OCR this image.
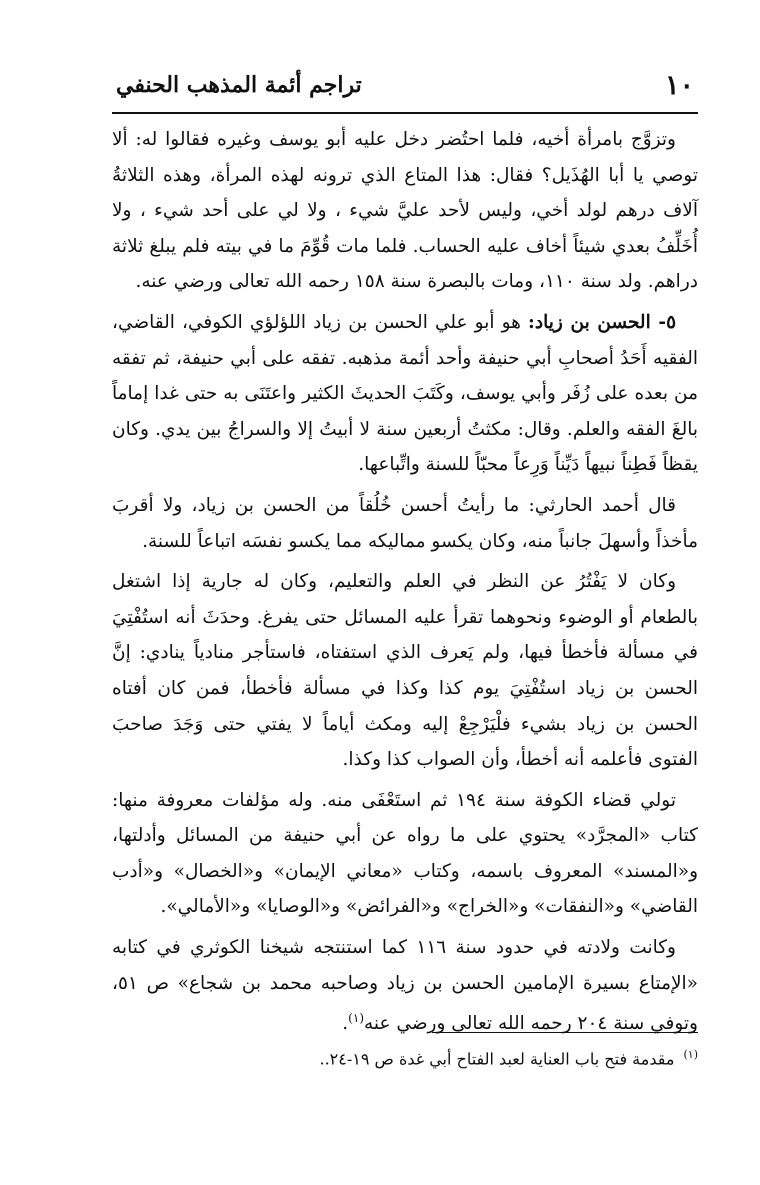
١٠
تراجم أئمة المذهب الحنفي

وتزوَّج بامرأة أخيه، فلما احتُضر دخل عليه أبو يوسف وغيره فقالوا له: ألا توصي يا أبا الهُذَيل؟ فقال: هذا المتاع الذي ترونه لهذه المرأة، وهذه الثلاثةُ آلاف درهم لولد أخي، وليس لأحد عليَّ شيء ، ولا لي على أحد شيء ، ولا أُخَلِّفُ بعدي شيئاً أخاف عليه الحساب. فلما مات قُوِّمَ ما في بيته فلم يبلغ ثلاثة دراهم. ولد سنة ١١٠، ومات بالبصرة سنة ١٥٨ رحمه الله تعالى ورضي عنه.

٥- الحسن بن زياد: هو أبو علي الحسن بن زياد اللؤلؤي الكوفي، القاضي، الفقيه أَحَدُ أصحابِ أبي حنيفة وأحد أئمة مذهبه. تفقه على أبي حنيفة، ثم تفقه من بعده على زُفَر وأبي يوسف، وكَتَبَ الحديثَ الكثير واعتَنَى به حتى غدا إماماً بالغَ الفقه والعلم. وقال: مكثتُ أربعين سنة لا أبيتُ إلا والسراجُ بين يدي. وكان يقظاً فَطِناً نبيهاً دَيِّناً وَرِعاً محبّاً للسنة واتِّباعها.

قال أحمد الحارثي: ما رأيتُ أحسن خُلُقاً من الحسن بن زياد، ولا أقربَ مأخذاً وأسهلَ جانباً منه، وكان يكسو مماليكه مما يكسو نفسَه اتباعاً للسنة.

وكان لا يَفْتُرُ عن النظر في العلم والتعليم، وكان له جارية إذا اشتغل بالطعام أو الوضوء ونحوهما تقرأ عليه المسائل حتى يفرغ. وحدَثَ أنه استُفْتِيَ في مسألة فأخطأ فيها، ولم يَعرف الذي استفتاه، فاستأجر منادياً ينادي: إنَّ الحسن بن زياد استُفْتِيَ يوم كذا وكذا في مسألة فأخطأ، فمن كان أفتاه الحسن بن زياد بشيء فلْيَرْجِعْ إليه ومكث أياماً لا يفتي حتى وَجَدَ صاحبَ الفتوى فأعلمه أنه أخطأ، وأن الصواب كذا وكذا.

تولي قضاء الكوفة سنة ١٩٤ ثم استَعْفَى منه. وله مؤلفات معروفة منها: كتاب «المجرَّد» يحتوي على ما رواه عن أبي حنيفة من المسائل وأدلتها، و«المسند» المعروف باسمه، وكتاب «معاني الإيمان» و«الخصال» و«أدب القاضي» و«النفقات» و«الخراج» و«الفرائض» و«الوصايا» و«الأمالي».

وكانت ولادته في حدود سنة ١١٦ كما استنتجه شيخنا الكوثري في كتابه «الإمتاع بسيرة الإمامين الحسن بن زياد وصاحبه محمد بن شجاع» ص ٥١، وتوفي سنة ٢٠٤ رحمه الله تعالى ورضي عنه$^{(١)}$.

$^{(١)}$ مقدمة فتح باب العناية لعبد الفتاح أبي غدة ص ١٩-٢٤..
